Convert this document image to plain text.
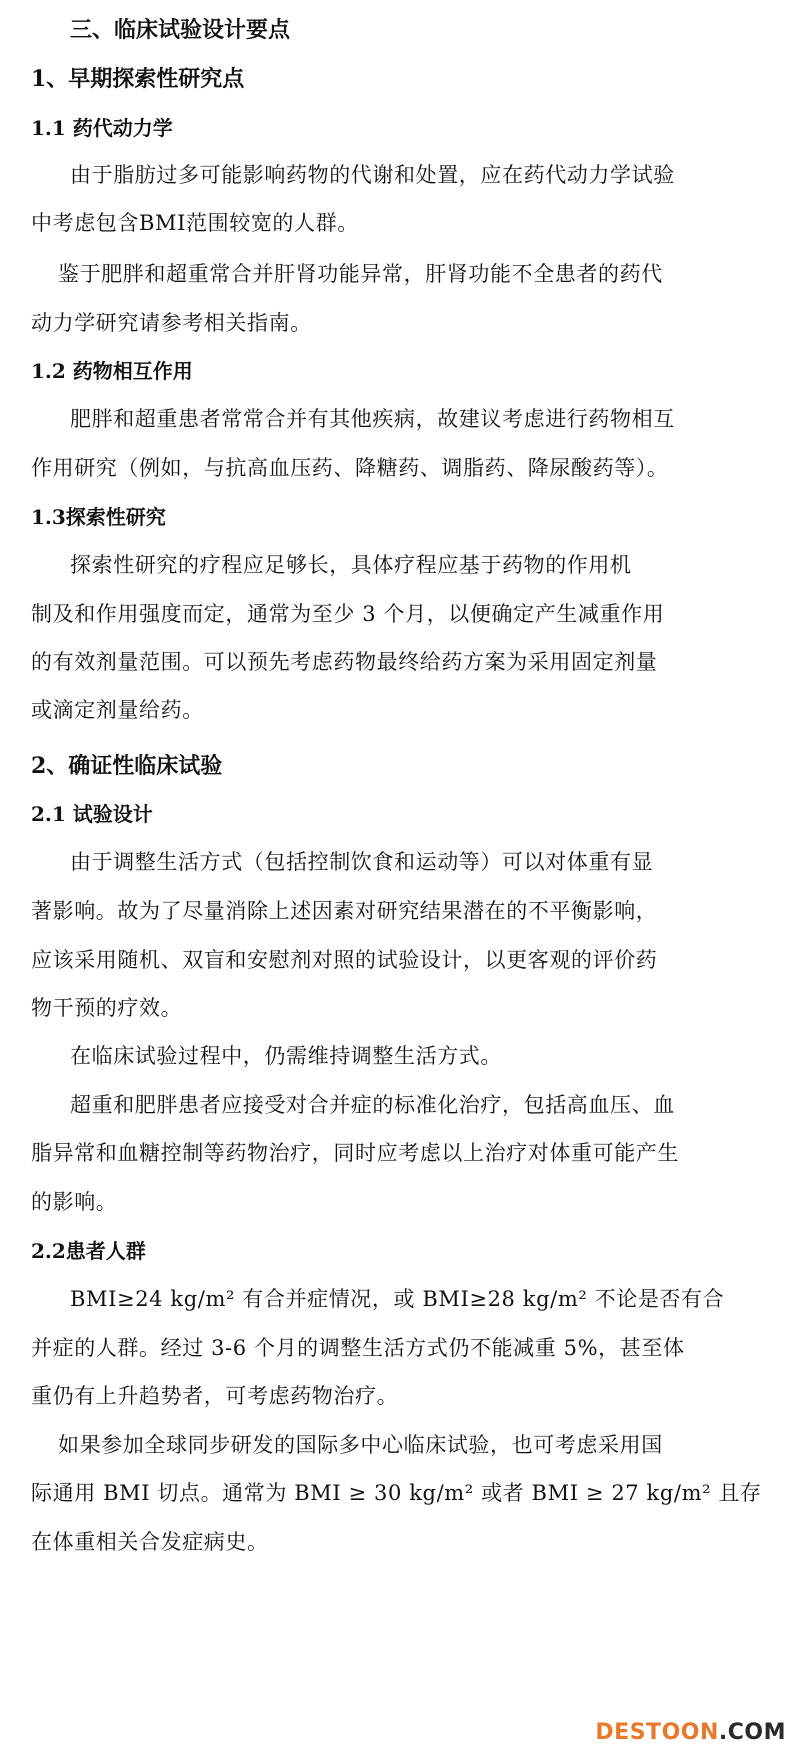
三、临床试验设计要点
1、早期探索性研究点
1.1 药代动力学
由于脂肪过多可能影响药物的代谢和处置，应在药代动力学试验
中考虑包含BMI范围较宽的人群。
鉴于肥胖和超重常合并肝肾功能异常，肝肾功能不全患者的药代
动力学研究请参考相关指南。
1.2 药物相互作用
肥胖和超重患者常常合并有其他疾病，故建议考虑进行药物相互
作用研究（例如，与抗高血压药、降糖药、调脂药、降尿酸药等）。
1.3探索性研究
探索性研究的疗程应足够长，具体疗程应基于药物的作用机
制及和作用强度而定，通常为至少 3 个月，以便确定产生减重作用
的有效剂量范围。可以预先考虑药物最终给药方案为采用固定剂量
或滴定剂量给药。
2、确证性临床试验
2.1 试验设计
由于调整生活方式（包括控制饮食和运动等）可以对体重有显
著影响。故为了尽量消除上述因素对研究结果潜在的不平衡影响，
应该采用随机、双盲和安慰剂对照的试验设计，以更客观的评价药
物干预的疗效。
在临床试验过程中，仍需维持调整生活方式。
超重和肥胖患者应接受对合并症的标准化治疗，包括高血压、血
脂异常和血糖控制等药物治疗，同时应考虑以上治疗对体重可能产生
的影响。
2.2患者人群
BMI≥24 kg/m² 有合并症情况，或 BMI≥28 kg/m² 不论是否有合
并症的人群。经过 3-6 个月的调整生活方式仍不能减重 5%，甚至体
重仍有上升趋势者，可考虑药物治疗。
如果参加全球同步研发的国际多中心临床试验，也可考虑采用国
际通用 BMI 切点。通常为 BMI ≥ 30 kg/m² 或者 BMI ≥ 27 kg/m² 且存
在体重相关合发症病史。
DESTOON.COM
